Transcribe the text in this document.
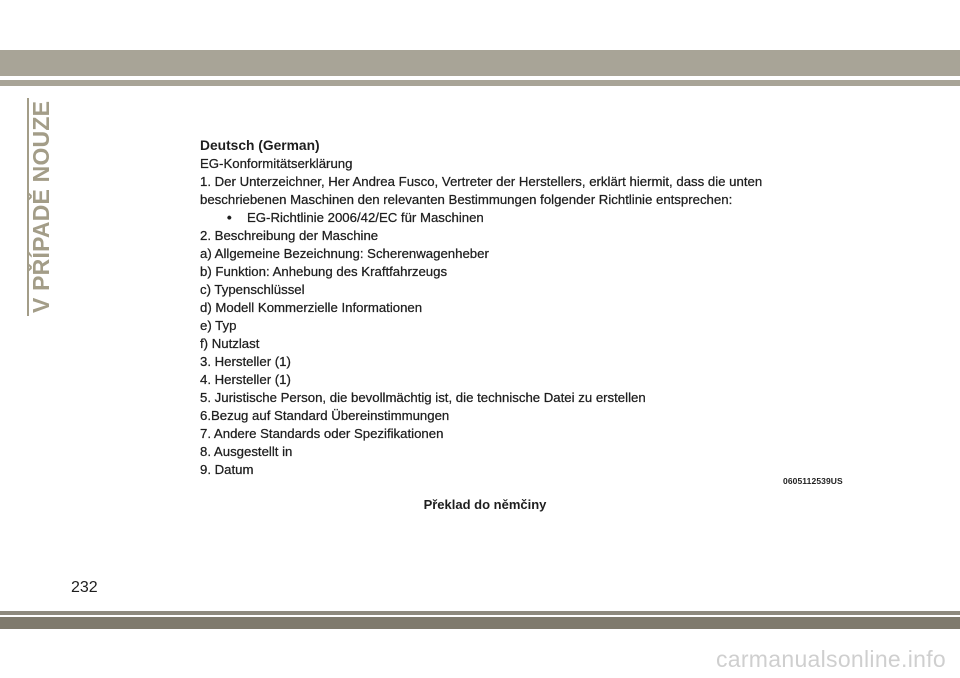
V PŘÍPADĚ NOUZE	Deutsch (German)
EG-Konformitätserklärung
1. Der Unterzeichner, Her Andrea Fusco, Vertreter der Herstellers, erklärt hiermit, dass die unten
beschriebenen Maschinen den relevanten Bestimmungen folgender Richtlinie entsprechen:
• EG-Richtlinie 2006/42/EC für Maschinen
2. Beschreibung der Maschine
a) Allgemeine Bezeichnung: Scherenwagenheber
b) Funktion: Anhebung des Kraftfahrzeugs
c) Typenschlüssel
d) Modell Kommerzielle Informationen
e) Typ
f) Nutzlast
3. Hersteller (1)
4. Hersteller (1)
5. Juristische Person, die bevollmächtig ist, die technische Datei zu erstellen
6.Bezug auf Standard Übereinstimmungen
7. Andere Standards oder Spezifikationen
8. Ausgestellt in
9. Datum
0605112539US
Překlad do němčiny
232
carmanualsonline.info
